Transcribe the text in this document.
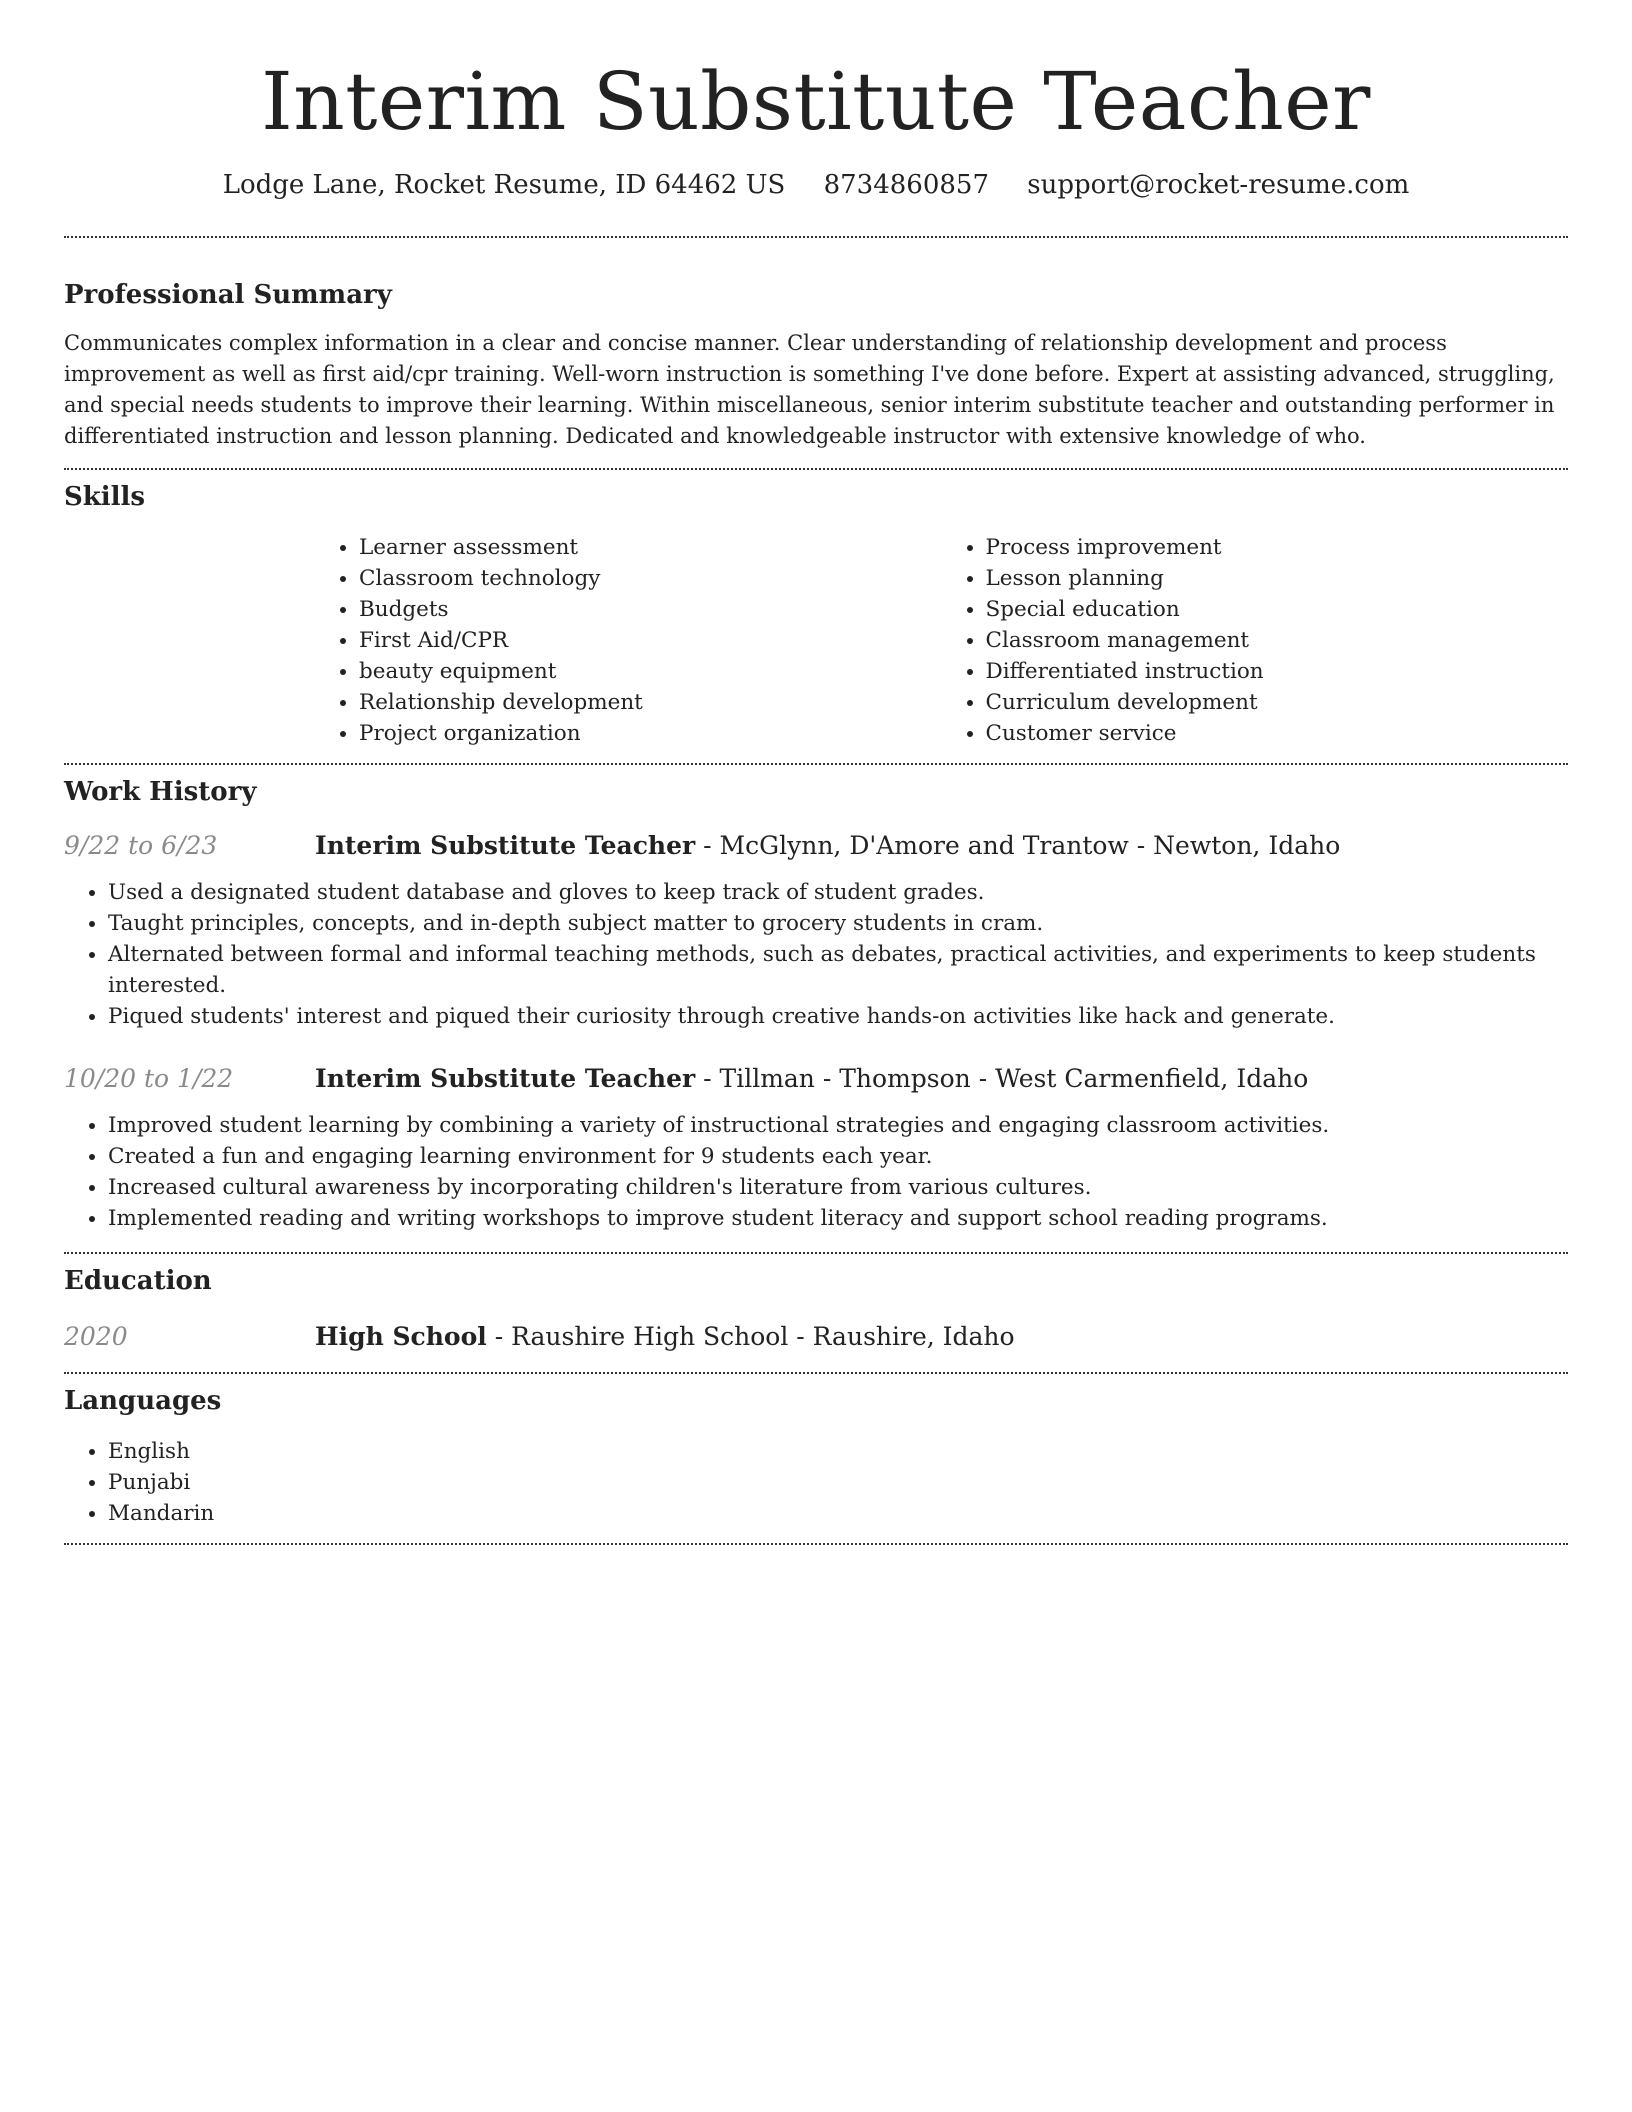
Interim Substitute Teacher
Lodge Lane, Rocket Resume, ID 64462 US 8734860857 support@rocket-resume.com
Professional Summary

Communicates complex information in a clear and concise manner. Clear understanding of relationship development and process improvement as well as first aid/cpr training. Well-worn instruction is something I've done before. Expert at assisting advanced, struggling, and special needs students to improve their learning. Within miscellaneous, senior interim substitute teacher and outstanding performer in differentiated instruction and lesson planning. Dedicated and knowledgeable instructor with extensive knowledge of who.

Skills
• Learner assessment
• Classroom technology
• Budgets
• First Aid/CPR
• beauty equipment
• Relationship development
• Project organization
• Process improvement
• Lesson planning
• Special education
• Classroom management
• Differentiated instruction
• Curriculum development
• Customer service
Work History
9/22 to 6/23	Interim Substitute Teacher - McGlynn, D'Amore and Trantow - Newton, Idaho
• Used a designated student database and gloves to keep track of student grades.
• Taught principles, concepts, and in-depth subject matter to grocery students in cram.
• Alternated between formal and informal teaching methods, such as debates, practical activities, and experiments to keep students interested.
• Piqued students' interest and piqued their curiosity through creative hands-on activities like hack and generate.
10/20 to 1/22	Interim Substitute Teacher - Tillman - Thompson - West Carmenfield, Idaho
• Improved student learning by combining a variety of instructional strategies and engaging classroom activities.
• Created a fun and engaging learning environment for 9 students each year.
• Increased cultural awareness by incorporating children's literature from various cultures.
• Implemented reading and writing workshops to improve student literacy and support school reading programs.
Education
2020	High School - Raushire High School - Raushire, Idaho
Languages
• English
• Punjabi
• Mandarin
